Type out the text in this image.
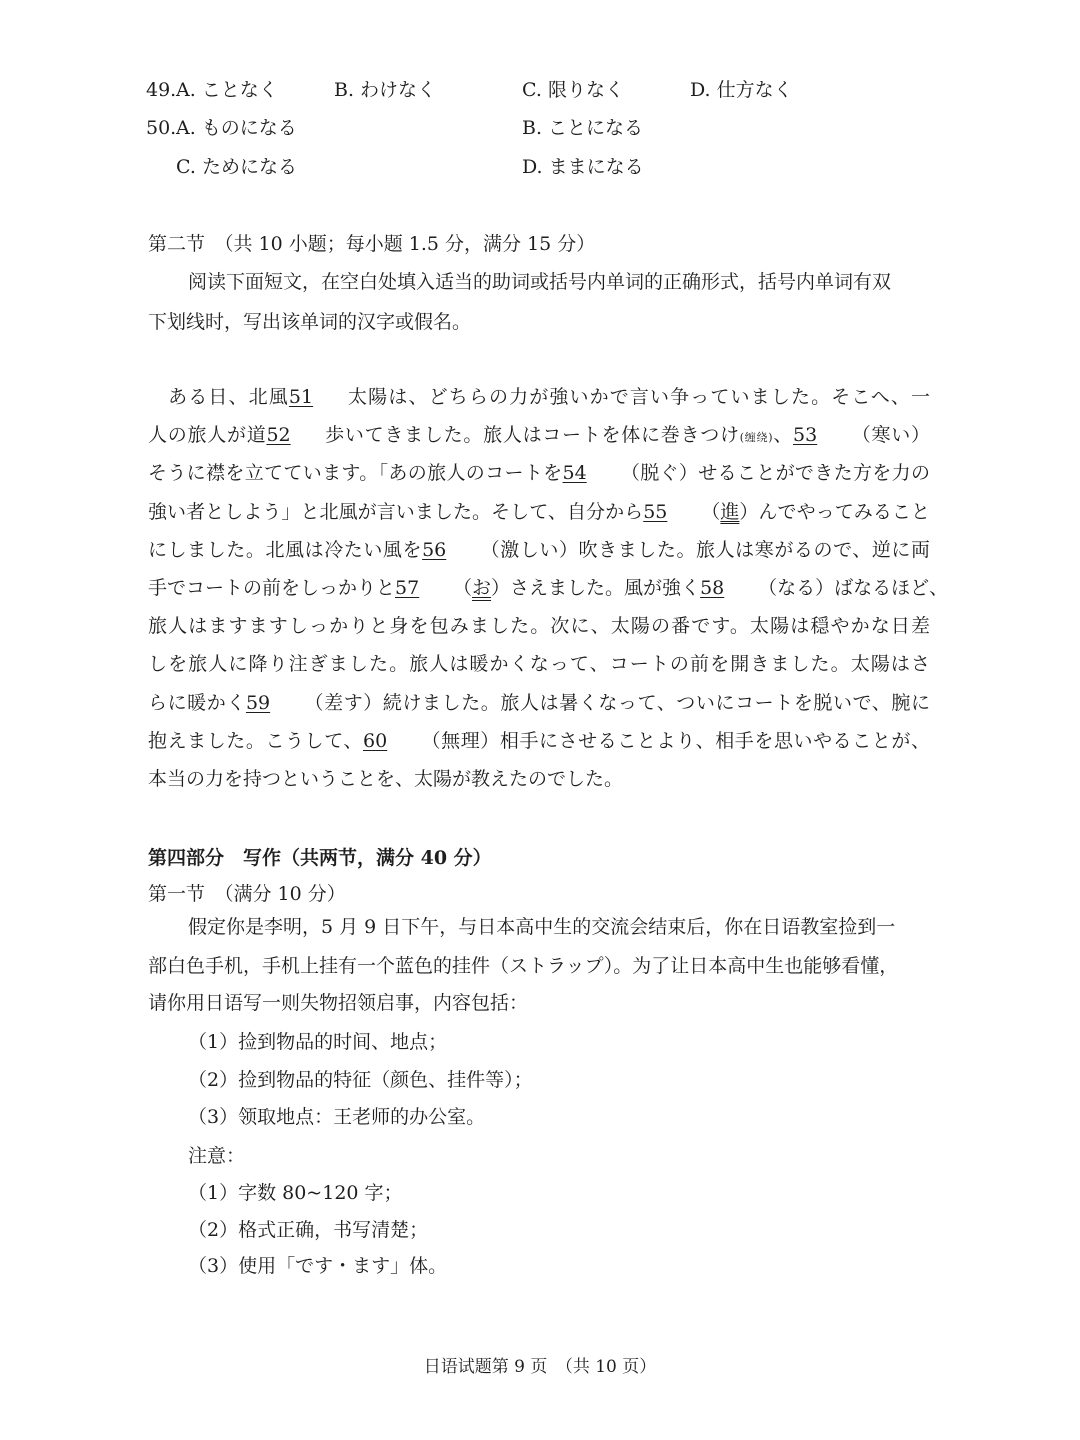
49. A. ことなく	B. わけなく	C. 限りなく	D. 仕方なく
50. A. ものになる	B. ことになる
C. ためになる	D. ままになる
第二节　（共 10 小题；每小题 1.5 分，满分 15 分）
阅读下面短文，在空白处填入适当的助词或括号内单词的正确形式，括号内单词有双
下划线时，写出该单词的汉字或假名。
 ある日、北風51 太陽は、どちらの力が強いかで言い争っていました。そこへ、一
人の旅人が道52 歩いてきました。旅人はコートを体に巻きつけ(缠绕)、53 （寒い）
そうに襟を立てています。「あの旅人のコートを54 （脱ぐ）せることができた方を力の
強い者としよう」と北風が言いました。そして、自分から55 （進）んでやってみること
にしました。北風は冷たい風を56 （激しい）吹きました。旅人は寒がるので、逆に両
手でコートの前をしっかりと57 （お）さえました。風が強く58 （なる）ばなるほど、
旅人はますますしっかりと身を包みました。次に、太陽の番です。太陽は穏やかな日差
しを旅人に降り注ぎました。旅人は暖かくなって、コートの前を開きました。太陽はさ
らに暖かく59 （差す）続けました。旅人は暑くなって、ついにコートを脱いで、腕に
抱えました。こうして、60 （無理）相手にさせることより、相手を思いやることが、
本当の力を持つということを、太陽が教えたのでした。
第四部分　写作（共两节，满分 40 分）
第一节　（满分 10 分）
假定你是李明，5 月 9 日下午，与日本高中生的交流会结束后，你在日语教室捡到一
部白色手机，手机上挂有一个蓝色的挂件（ストラップ）。为了让日本高中生也能够看懂，
请你用日语写一则失物招领启事，内容包括：
（1）捡到物品的时间、地点；
（2）捡到物品的特征（颜色、挂件等）；
（3）领取地点：王老师的办公室。
注意：
（1）字数 80~120 字；
（2）格式正确，书写清楚；
（3）使用「です・ます」体。
日语试题第 9 页　（共 10 页）
